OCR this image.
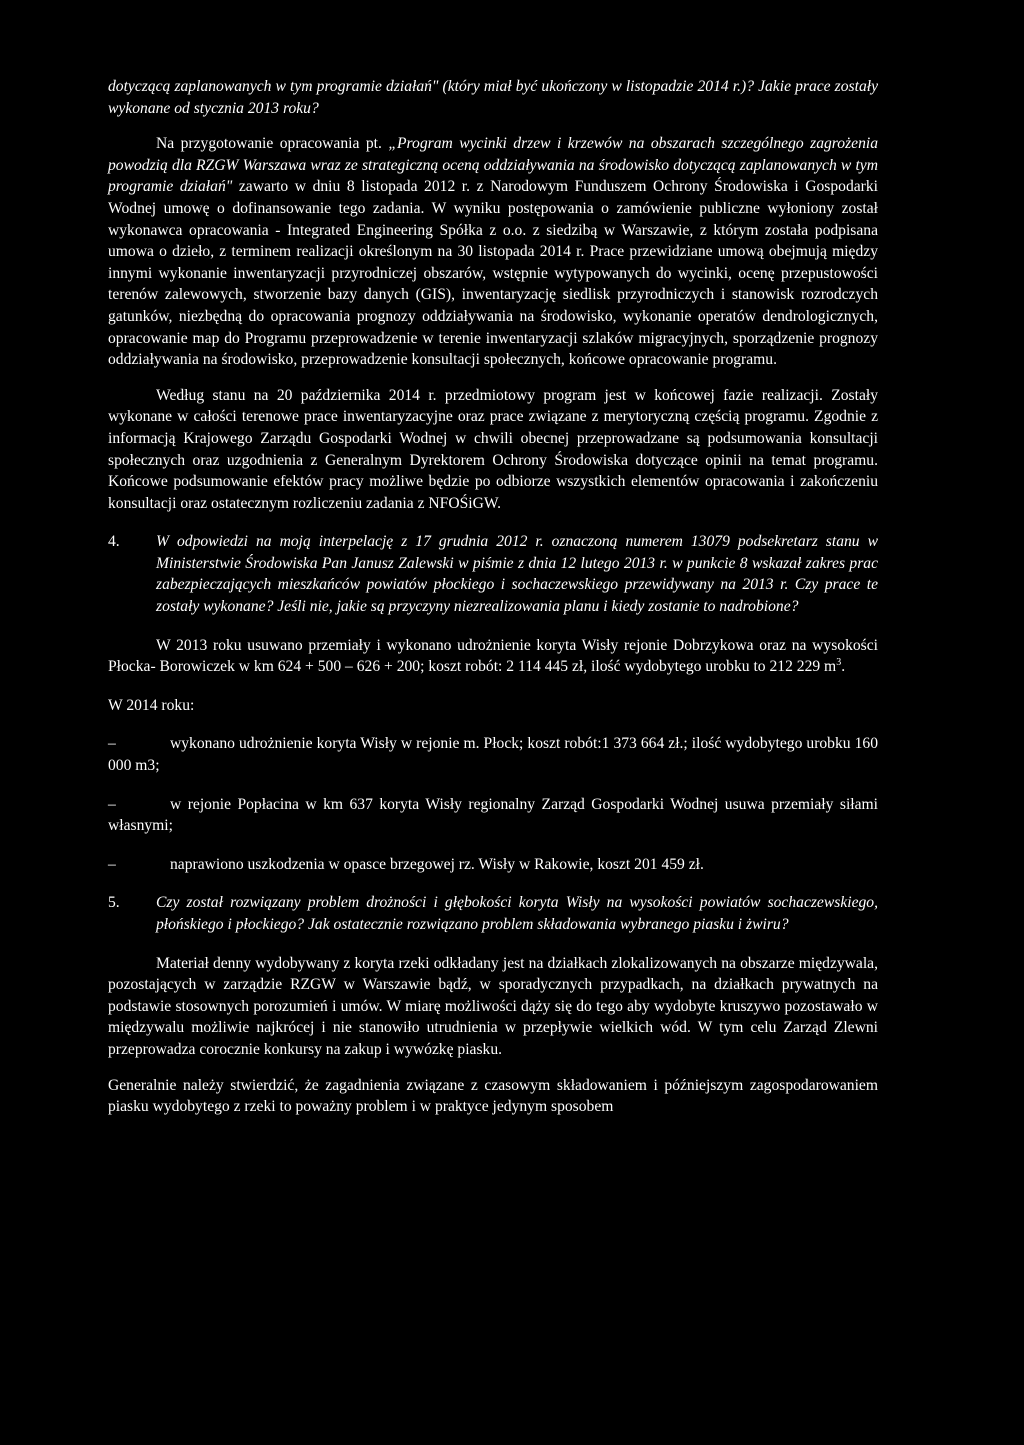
dotyczącą zaplanowanych w tym programie działań" (który miał być ukończony w listopadzie 2014 r.)? Jakie prace zostały wykonane od stycznia 2013 roku?

Na przygotowanie opracowania pt. „Program wycinki drzew i krzewów na obszarach szczególnego zagrożenia powodzią dla RZGW Warszawa wraz ze strategiczną oceną oddziaływania na środowisko dotyczącą zaplanowanych w tym programie działań" zawarto w dniu 8 listopada 2012 r. z Narodowym Funduszem Ochrony Środowiska i Gospodarki Wodnej umowę o dofinansowanie tego zadania. W wyniku postępowania o zamówienie publiczne wyłoniony został wykonawca opracowania - Integrated Engineering Spółka z o.o. z siedzibą w Warszawie, z którym została podpisana umowa o dzieło, z terminem realizacji określonym na 30 listopada 2014 r. Prace przewidziane umową obejmują między innymi wykonanie inwentaryzacji przyrodniczej obszarów, wstępnie wytypowanych do wycinki, ocenę przepustowości terenów zalewowych, stworzenie bazy danych (GIS), inwentaryzację siedlisk przyrodniczych i stanowisk rozrodczych gatunków, niezbędną do opracowania prognozy oddziaływania na środowisko, wykonanie operatów dendrologicznych, opracowanie map do Programu przeprowadzenie w terenie inwentaryzacji szlaków migracyjnych, sporządzenie prognozy oddziaływania na środowisko, przeprowadzenie konsultacji społecznych, końcowe opracowanie programu.

Według stanu na 20 października 2014 r. przedmiotowy program jest w końcowej fazie realizacji. Zostały wykonane w całości terenowe prace inwentaryzacyjne oraz prace związane z merytoryczną częścią programu. Zgodnie z informacją Krajowego Zarządu Gospodarki Wodnej w chwili obecnej przeprowadzane są podsumowania konsultacji społecznych oraz uzgodnienia z Generalnym Dyrektorem Ochrony Środowiska dotyczące opinii na temat programu. Końcowe podsumowanie efektów pracy możliwe będzie po odbiorze wszystkich elementów opracowania i zakończeniu konsultacji oraz ostatecznym rozliczeniu zadania z NFOŚiGW.

4.	W odpowiedzi na moją interpelację z 17 grudnia 2012 r. oznaczoną numerem 13079 podsekretarz stanu w Ministerstwie Środowiska Pan Janusz Zalewski w piśmie z dnia 12 lutego 2013 r. w punkcie 8 wskazał zakres prac zabezpieczających mieszkańców powiatów płockiego i sochaczewskiego przewidywany na 2013 r. Czy prace te zostały wykonane? Jeśli nie, jakie są przyczyny niezrealizowania planu i kiedy zostanie to nadrobione?

W 2013 roku usuwano przemiały i wykonano udrożnienie koryta Wisły rejonie Dobrzykowa oraz na wysokości Płocka- Borowiczek w km 624 + 500 – 626 + 200; koszt robót: 2 114 445 zł, ilość wydobytego urobku to 212 229 $m^3$.

W 2014 roku:

–	wykonano udrożnienie koryta Wisły w rejonie m. Płock; koszt robót:1 373 664 zł.; ilość wydobytego urobku 160 000 m3;

–	w rejonie Popłacina w km 637 koryta Wisły regionalny Zarząd Gospodarki Wodnej usuwa przemiały siłami własnymi;

–	naprawiono uszkodzenia w opasce brzegowej rz. Wisły w Rakowie, koszt 201 459 zł.

5.	Czy został rozwiązany problem drożności i głębokości koryta Wisły na wysokości powiatów sochaczewskiego, płońskiego i płockiego? Jak ostatecznie rozwiązano problem składowania wybranego piasku i żwiru?

Materiał denny wydobywany z koryta rzeki odkładany jest na działkach zlokalizowanych na obszarze międzywala, pozostających w zarządzie RZGW w Warszawie bądź, w sporadycznych przypadkach, na działkach prywatnych na podstawie stosownych porozumień i umów. W miarę możliwości dąży się do tego aby wydobyte kruszywo pozostawało w międzywalu możliwie najkrócej i nie stanowiło utrudnienia w przepływie wielkich wód. W tym celu Zarząd Zlewni przeprowadza corocznie konkursy na zakup i wywózkę piasku.

Generalnie należy stwierdzić, że zagadnienia związane z czasowym składowaniem i późniejszym zagospodarowaniem piasku wydobytego z rzeki to poważny problem i w praktyce jedynym sposobem
